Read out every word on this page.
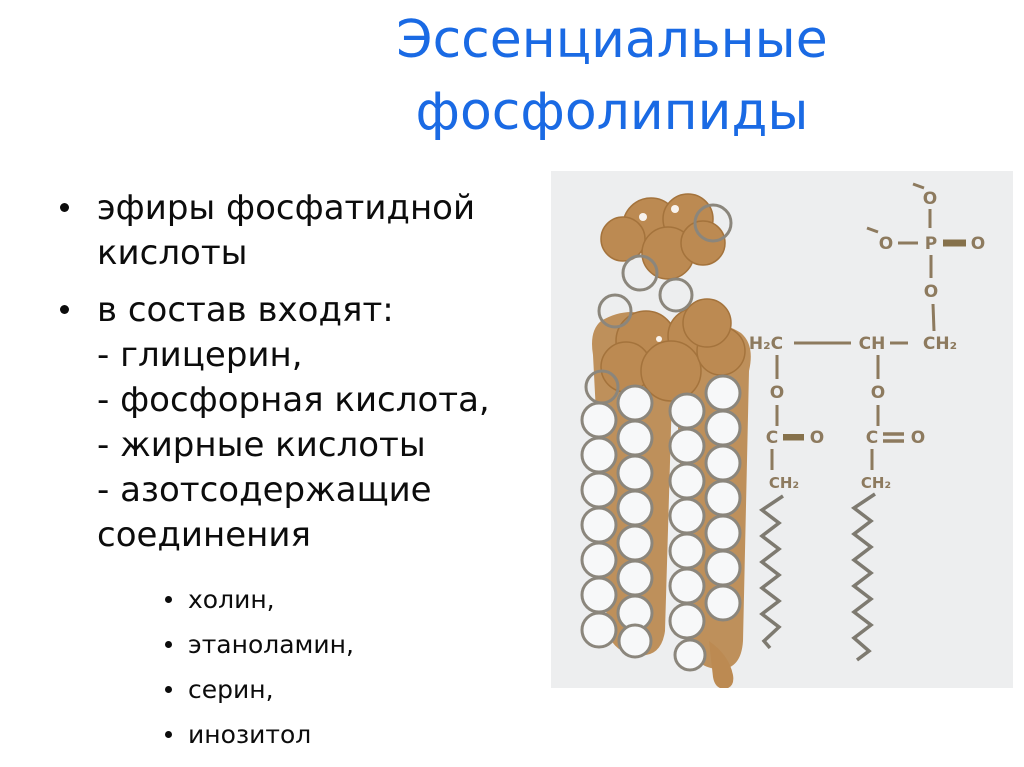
Эссенциальные
фосфолипиды
эфиры фосфатидной
кислоты
в состав входят:
- глицерин,
- фосфорная кислота,
- жирные кислоты
- азотсодержащие
соединения
холин,
этаноламин,
серин,
инозитол
O
O P O
O
H₂C	CH CH₂
O	O
C O C O
CH₂	CH₂
